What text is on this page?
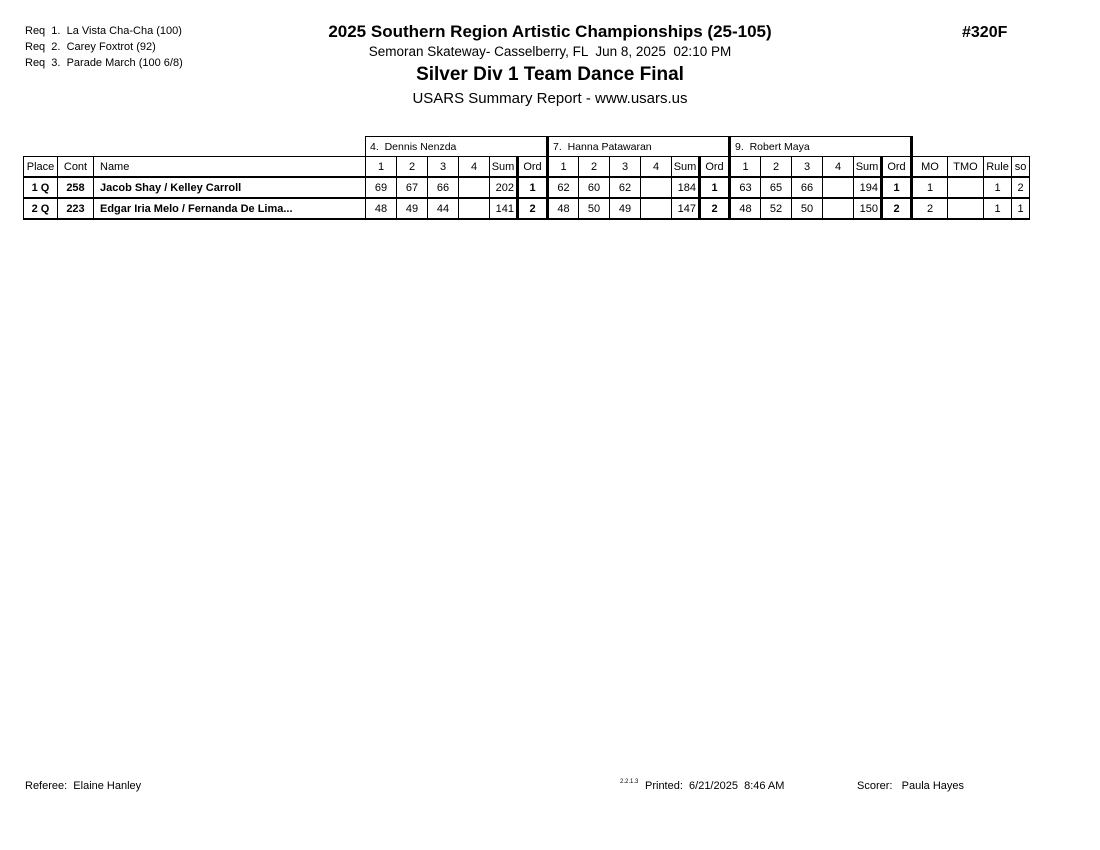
Req  1.  La Vista Cha-Cha (100)
Req  2.  Carey Foxtrot (92)
Req  3.  Parade March (100 6/8)
2025 Southern Region Artistic Championships (25-105)
Semoran Skateway- Casselberry, FL  Jun 8, 2025  02:10 PM
Silver Div 1 Team Dance Final
USARS Summary Report - www.usars.us
#320F
			4.  Dennis Nenzda						7.  Hanna Patawaran						9.  Robert Maya									
Place	Cont	Name	1	2	3	4	Sum	Ord	1	2	3	4	Sum	Ord	1	2	3	4	Sum	Ord	MO	TMO	Rule	so
1 Q	258	Jacob Shay / Kelley Carroll	69	67	66		202	1	62	60	62		184	1	63	65	66		194	1	1		1	2
2 Q	223	Edgar Iria Melo / Fernanda De Lima...	48	49	44		141	2	48	50	49		147	2	48	52	50		150	2	2		1	1
Referee:  Elaine Hanley	2.2.1.3 Printed:  6/21/2025  8:46 AM	Scorer:   Paula Hayes
